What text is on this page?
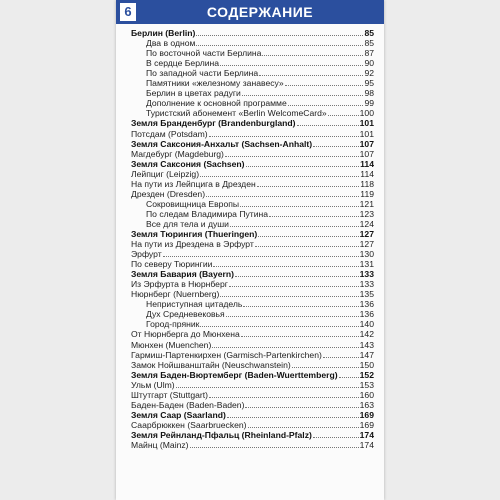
6	СОДЕРЖАНИЕ
Берлин (Berlin)	85
Два в одном	85
По восточной части Берлина	87
В сердце Берлина	90
По западной части Берлина	92
Памятники «железному занавесу»	95
Берлин в цветах радуги	98
Дополнение к основной программе	99
Туристский абонемент «Berlin WelcomeCard»	100
Земля Бранденбург (Brandenburgland)	101
Потсдам (Potsdam)	101
Земля Саксония-Анхальт (Sachsen-Anhalt)	107
Магдебург (Magdeburg)	107
Земля Саксония (Sachsen)	114
Лейпциг (Leipzig)	114
На пути из Лейпцига в Дрезден	118
Дрезден (Dresden)	119
Сокровищница Европы	121
По следам Владимира Путина	123
Все для тела и души	124
Земля Тюрингия (Thueringen)	127
На пути из Дрездена в Эрфурт	127
Эрфурт	130
По северу Тюрингии	131
Земля Бавария (Bayern)	133
Из Эрфурта в Нюрнберг	133
Нюрнберг (Nuernberg)	135
Неприступная цитадель	136
Дух Средневековья	136
Город-пряник	140
От Нюрнберга до Мюнхена	142
Мюнхен (Muenchen)	143
Гармиш-Партенкирхен (Garmisch-Partenkirchen)	147
Замок Нойшванштайн (Neuschwanstein)	150
Земля Баден-Вюртемберг (Baden-Wuerttemberg)	152
Ульм (Ulm)	153
Штутгарт (Stuttgart)	160
Баден-Баден (Baden-Baden)	163
Земля Саар (Saarland)	169
Саарбрюккен (Saarbruecken)	169
Земля Рейнланд-Пфальц (Rheinland-Pfalz)	174
Майнц (Mainz)	174
